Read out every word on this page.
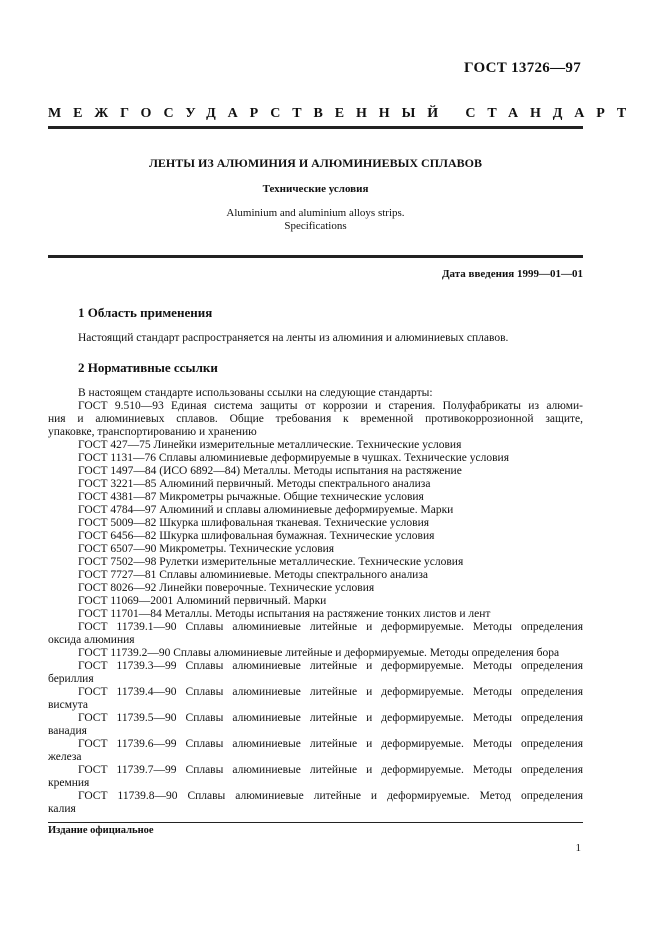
ГОСТ 13726—97
МЕЖГОСУДАРСТВЕННЫЙ СТАНДАРТ
ЛЕНТЫ ИЗ АЛЮМИНИЯ И АЛЮМИНИЕВЫХ СПЛАВОВ
Технические условия
Aluminium and aluminium alloys strips.
Specifications
Дата введения 1999—01—01
1 Область применения
Настоящий стандарт распространяется на ленты из алюминия и алюминиевых сплавов.
2 Нормативные ссылки
В настоящем стандарте использованы ссылки на следующие стандарты:
ГОСТ 9.510—93 Единая система защиты от коррозии и старения. Полуфабрикаты из алюми-
ния и алюминиевых сплавов. Общие требования к временной противокоррозионной защите,
упаковке, транспортированию и хранению
ГОСТ 427—75 Линейки измерительные металлические. Технические условия
ГОСТ 1131—76 Сплавы алюминиевые деформируемые в чушках. Технические условия
ГОСТ 1497—84 (ИСО 6892—84) Металлы. Методы испытания на растяжение
ГОСТ 3221—85 Алюминий первичный. Методы спектрального анализа
ГОСТ 4381—87 Микрометры рычажные. Общие технические условия
ГОСТ 4784—97 Алюминий и сплавы алюминиевые деформируемые. Марки
ГОСТ 5009—82 Шкурка шлифовальная тканевая. Технические условия
ГОСТ 6456—82 Шкурка шлифовальная бумажная. Технические условия
ГОСТ 6507—90 Микрометры. Технические условия
ГОСТ 7502—98 Рулетки измерительные металлические. Технические условия
ГОСТ 7727—81 Сплавы алюминиевые. Методы спектрального анализа
ГОСТ 8026—92 Линейки поверочные. Технические условия
ГОСТ 11069—2001 Алюминий первичный. Марки
ГОСТ 11701—84 Металлы. Методы испытания на растяжение тонких листов и лент
ГОСТ 11739.1—90 Сплавы алюминиевые литейные и деформируемые. Методы определения
оксида алюминия
ГОСТ 11739.2—90 Сплавы алюминиевые литейные и деформируемые. Методы определения бора
ГОСТ 11739.3—99 Сплавы алюминиевые литейные и деформируемые. Методы определения
бериллия
ГОСТ 11739.4—90 Сплавы алюминиевые литейные и деформируемые. Методы определения
висмута
ГОСТ 11739.5—90 Сплавы алюминиевые литейные и деформируемые. Методы определения
ванадия
ГОСТ 11739.6—99 Сплавы алюминиевые литейные и деформируемые. Методы определения
железа
ГОСТ 11739.7—99 Сплавы алюминиевые литейные и деформируемые. Методы определения
кремния
ГОСТ 11739.8—90 Сплавы алюминиевые литейные и деформируемые. Метод определения
калия
Издание официальное
1
